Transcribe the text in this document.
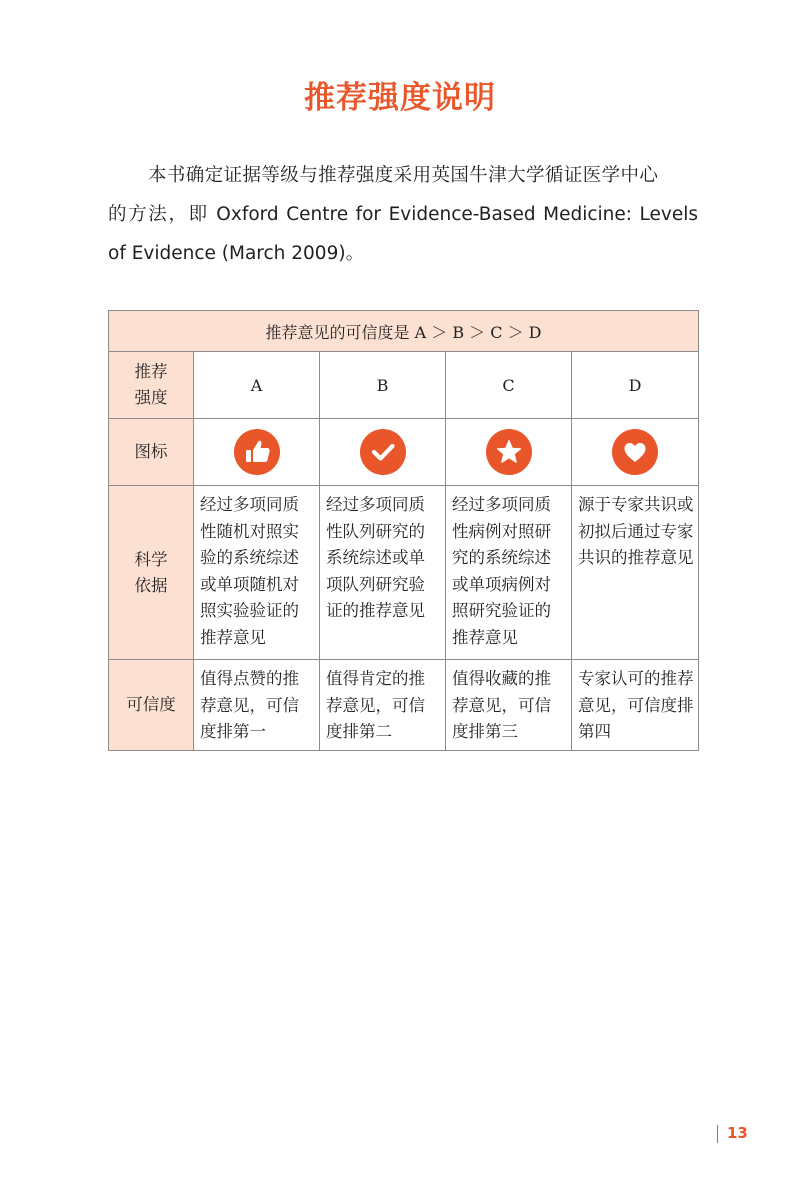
推荐强度说明

本书确定证据等级与推荐强度采用英国牛津大学循证医学中心
的方法，即 Oxford Centre for Evidence-Based Medicine: Levels
of Evidence (March 2009)。

推荐意见的可信度是 A ＞ B ＞ C ＞ D				

推荐强度	A	B	C	D
图标	

科学依据	经过多项同质性随机对照实验的系统综述或单项随机对照实验验证的推荐意见	经过多项同质性队列研究的系统综述或单项队列研究验证的推荐意见	经过多项同质性病例对照研究的系统综述或单项病例对照研究验证的推荐意见	源于专家共识或初拟后通过专家共识的推荐意见
可信度	值得点赞的推荐意见，可信度排第一	值得肯定的推荐意见，可信度排第二	值得收藏的推荐意见，可信度排第三	专家认可的推荐意见，可信度排第四
13
